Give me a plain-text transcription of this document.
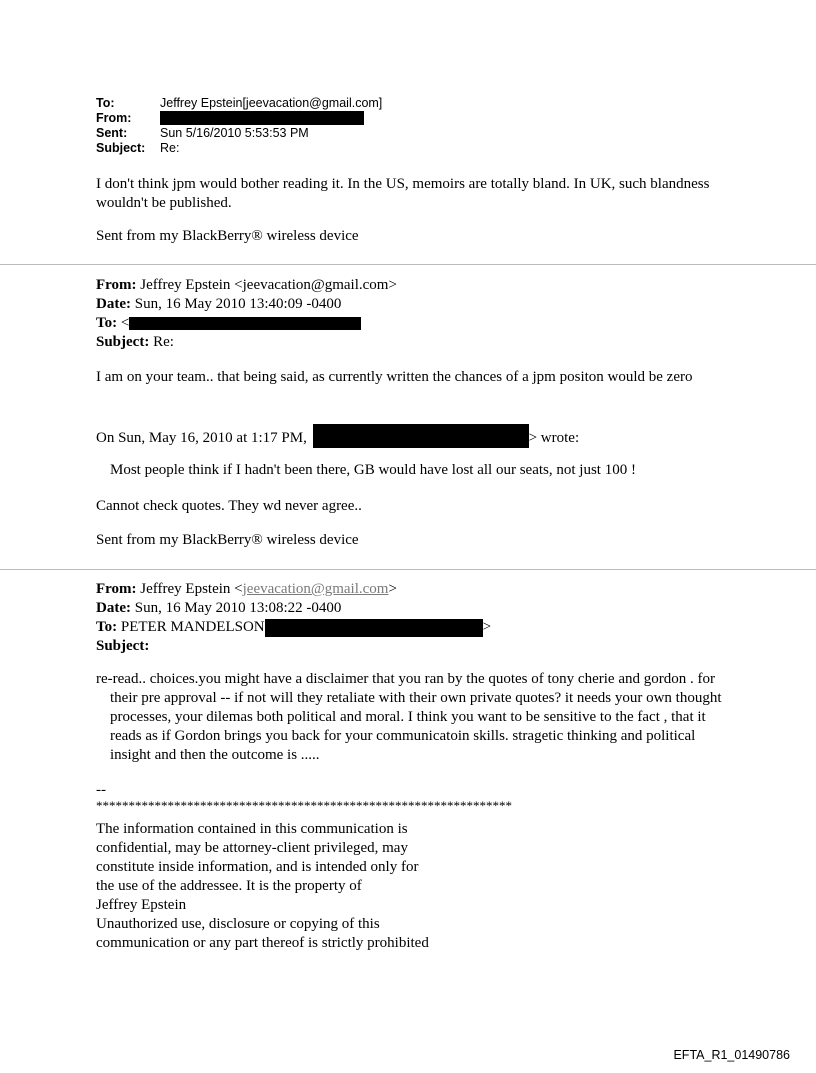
To:	Jeffrey Epstein[jeevacation@gmail.com]
From:
Sent:	Sun 5/16/2010 5:53:53 PM
Subject:	Re:
I don't think jpm would bother reading it. In the US, memoirs are totally bland. In UK, such blandness wouldn't be published.
Sent from my BlackBerry® wireless device
From: Jeffrey Epstein <jeevacation@gmail.com>
Date: Sun, 16 May 2010 13:40:09 -0400
To: <
Subject: Re:
I am on your team.. that being said, as currently written the chances of a jpm positon would be zero
On Sun, May 16, 2010 at 1:17 PM,	> wrote:
Most people think if I hadn't been there, GB would have lost all our seats, not just 100 !
Cannot check quotes. They wd never agree..
Sent from my BlackBerry® wireless device
From: Jeffrey Epstein <jeevacation@gmail.com>
Date: Sun, 16 May 2010 13:08:22 -0400
To: PETER MANDELSON	>
Subject:
re-read.. choices.you might have a disclaimer that you ran by the quotes of tony cherie and gordon . for their pre approval -- if not will they retaliate with their own private quotes? it needs your own thought processes, your dilemas both political and moral. I think you want to be sensitive to the fact , that it reads as if Gordon brings you back for your communicatoin skills. stragetic thinking and political insight and then the outcome is .....
--
****************************************************************
The information contained in this communication is
confidential, may be attorney-client privileged, may
constitute inside information, and is intended only for
the use of the addressee. It is the property of
Jeffrey Epstein
Unauthorized use, disclosure or copying of this
communication or any part thereof is strictly prohibited
EFTA_R1_01490786
